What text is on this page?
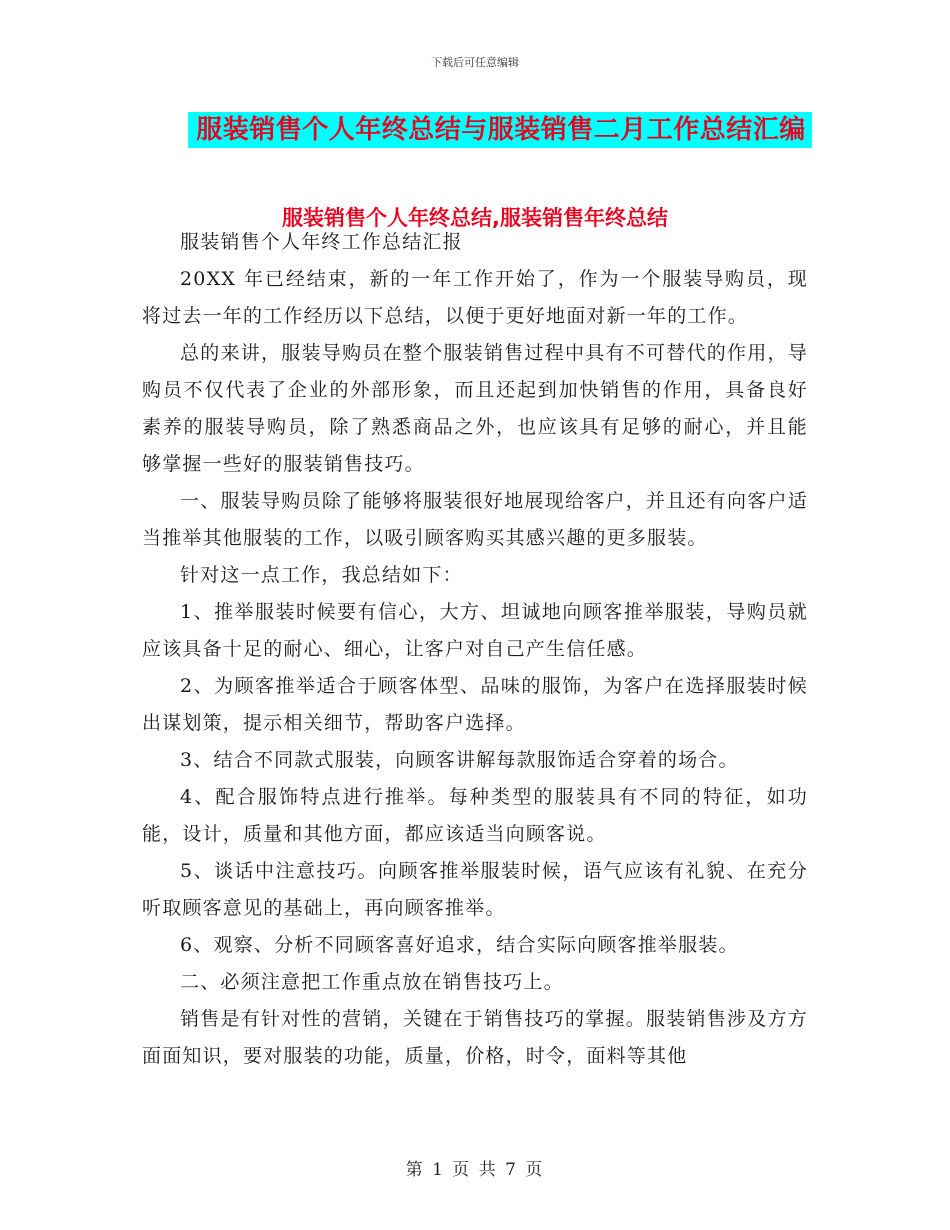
下载后可任意编辑
服装销售个人年终总结与服装销售二月工作总结汇编
服装销售个人年终总结,服装销售年终总结

服装销售个人年终工作总结汇报

20XX 年已经结束，新的一年工作开始了，作为一个服装导购员，现将过去一年的工作经历以下总结，以便于更好地面对新一年的工作。

总的来讲，服装导购员在整个服装销售过程中具有不可替代的作用，导购员不仅代表了企业的外部形象，而且还起到加快销售的作用，具备良好素养的服装导购员，除了熟悉商品之外，也应该具有足够的耐心，并且能够掌握一些好的服装销售技巧。

一、服装导购员除了能够将服装很好地展现给客户，并且还有向客户适当推举其他服装的工作，以吸引顾客购买其感兴趣的更多服装。

针对这一点工作，我总结如下：

1、推举服装时候要有信心，大方、坦诚地向顾客推举服装，导购员就应该具备十足的耐心、细心，让客户对自己产生信任感。

2、为顾客推举适合于顾客体型、品味的服饰，为客户在选择服装时候出谋划策，提示相关细节，帮助客户选择。

3、结合不同款式服装，向顾客讲解每款服饰适合穿着的场合。

4、配合服饰特点进行推举。每种类型的服装具有不同的特征，如功能，设计，质量和其他方面，都应该适当向顾客说。

5、谈话中注意技巧。向顾客推举服装时候，语气应该有礼貌、在充分听取顾客意见的基础上，再向顾客推举。

6、观察、分析不同顾客喜好追求，结合实际向顾客推举服装。

二、必须注意把工作重点放在销售技巧上。

销售是有针对性的营销，关键在于销售技巧的掌握。服装销售涉及方方面面知识，要对服装的功能，质量，价格，时令，面料等其他

第 1 页 共 7 页
